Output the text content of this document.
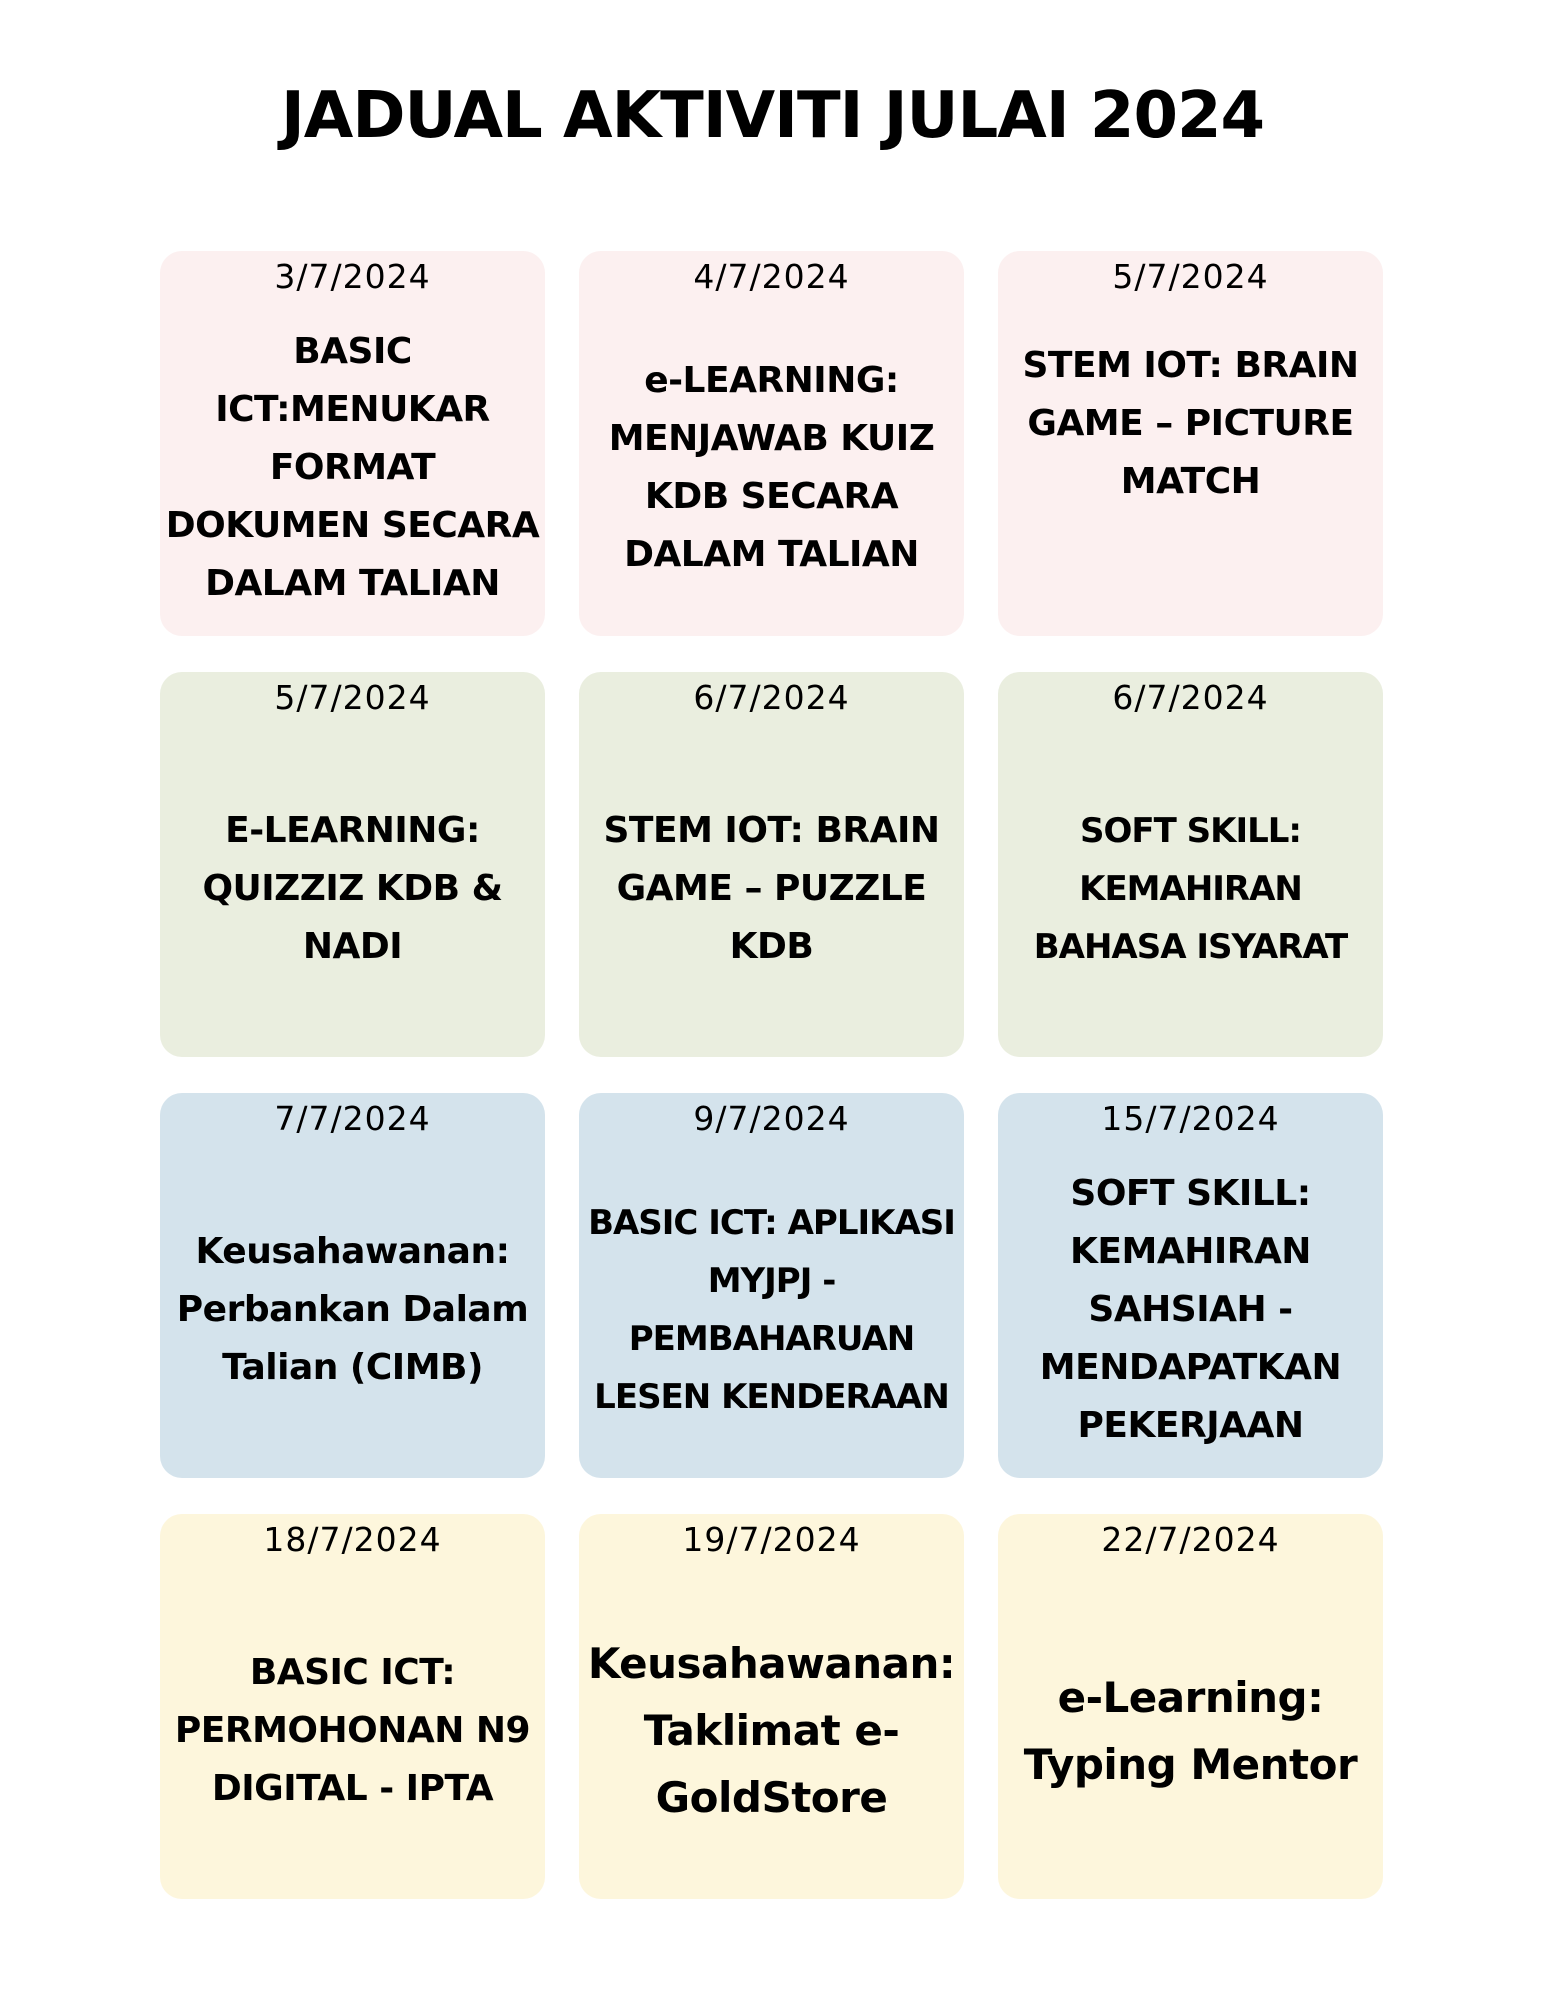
JADUAL AKTIVITI JULAI 2024
3/7/2024
BASIC ICT:MENUKAR FORMAT DOKUMEN SECARA DALAM TALIAN
4/7/2024
e-LEARNING: MENJAWAB KUIZ KDB SECARA DALAM TALIAN
5/7/2024
STEM IOT: BRAIN GAME – PICTURE MATCH
5/7/2024
E-LEARNING: QUIZZIZ KDB & NADI
6/7/2024
STEM IOT: BRAIN GAME – PUZZLE KDB
6/7/2024
SOFT SKILL: KEMAHIRAN BAHASA ISYARAT
7/7/2024
Keusahawanan: Perbankan Dalam Talian (CIMB)
9/7/2024
BASIC ICT: APLIKASI MYJPJ - PEMBAHARUAN LESEN KENDERAAN
15/7/2024
SOFT SKILL: KEMAHIRAN SAHSIAH - MENDAPATKAN PEKERJAAN
18/7/2024
BASIC ICT: PERMOHONAN N9 DIGITAL - IPTA
19/7/2024
Keusahawanan: Taklimat e-GoldStore
22/7/2024
e-Learning: Typing Mentor
